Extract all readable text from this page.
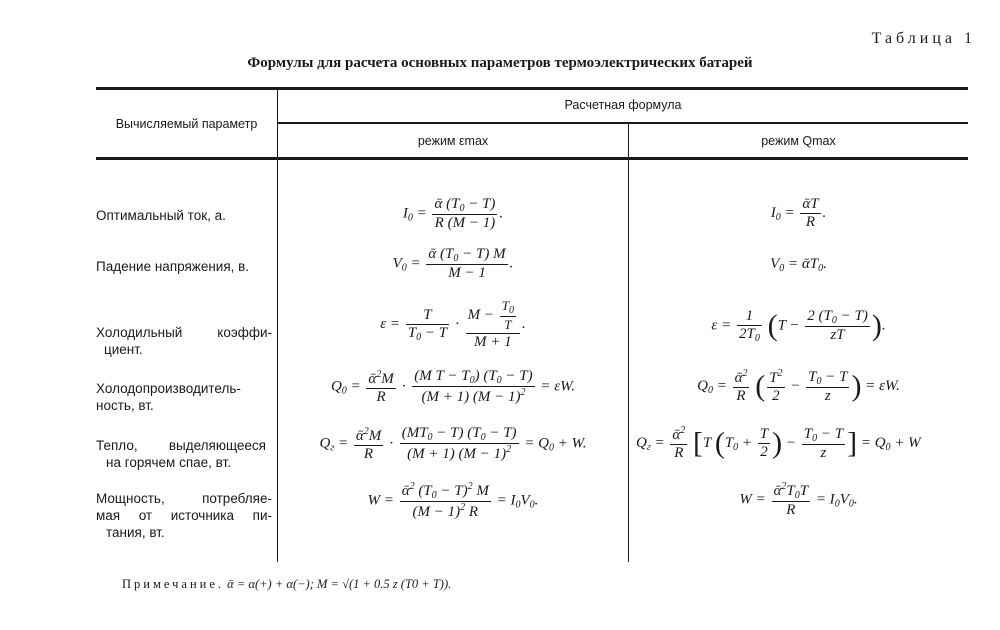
Таблица 1
Формулы для расчета основных параметров термоэлектрических батарей
Вычисляемый параметр
Расчетная формула
режим εmax	режим Qmax
Оптимальный ток, а.
Падение напряжения, в.
Холодильный коэффи-
циент.
Холодопроизводитель-
ность, вт.
Тепло, выделяющееся
на горячем спае, вт.
Мощность, потребляе-
мая от источника пи-
тания, вт.
$I_0 = \frac{ᾱ (T_0 - T)}{R (M - 1)}$ .
$V_0 = \frac{ᾱ (T_0 - T) M}{M - 1}$ .
$\varepsilon = \frac{T}{T_0 - T} \cdot \frac{M - \frac{T_0}{T}}{M + 1}$ .
$Q_0 = \frac{ᾱ^2M}{R} \cdot \frac{(M T - T_0) (T_0 - T)}{(M + 1) (M - 1)^2} = \varepsilon W$.
$Q_г = \frac{ᾱ^2M}{R} \cdot \frac{(MT_0 - T) (T_0 - T)}{(M + 1) (M - 1)^2} = Q_0 + W$.
$W = \frac{ᾱ^2 (T_0 - T)^2 M}{(M - 1)^2 R} = I_0V_0$.
$I_0 = \frac{\text{ᾱT}}{R}$ .
$V_0$ = ᾱT$_0$.
$\varepsilon = \frac{1}{2T_0} (T - \frac{2 (T_0 - T)}{zT}$ ).
$Q_0 = \frac{ᾱ^2}{R}$ ( $\frac{T^2}{2} - \frac{T_0 - T}{z}$ ) = εW.
$Q_г = \frac{ᾱ^2}{R} [T$ ($T_0 + \frac{T}{2}$ ) − $\frac{T_0 - T}{z}$ ] = $Q_0 + W$
$W = \frac{ᾱ^2T_0T}{R} = I_0V_0$.
Примечание. ᾱ = α(+) + α(−); M = √(1 + 0.5 z (T0 + T)).
